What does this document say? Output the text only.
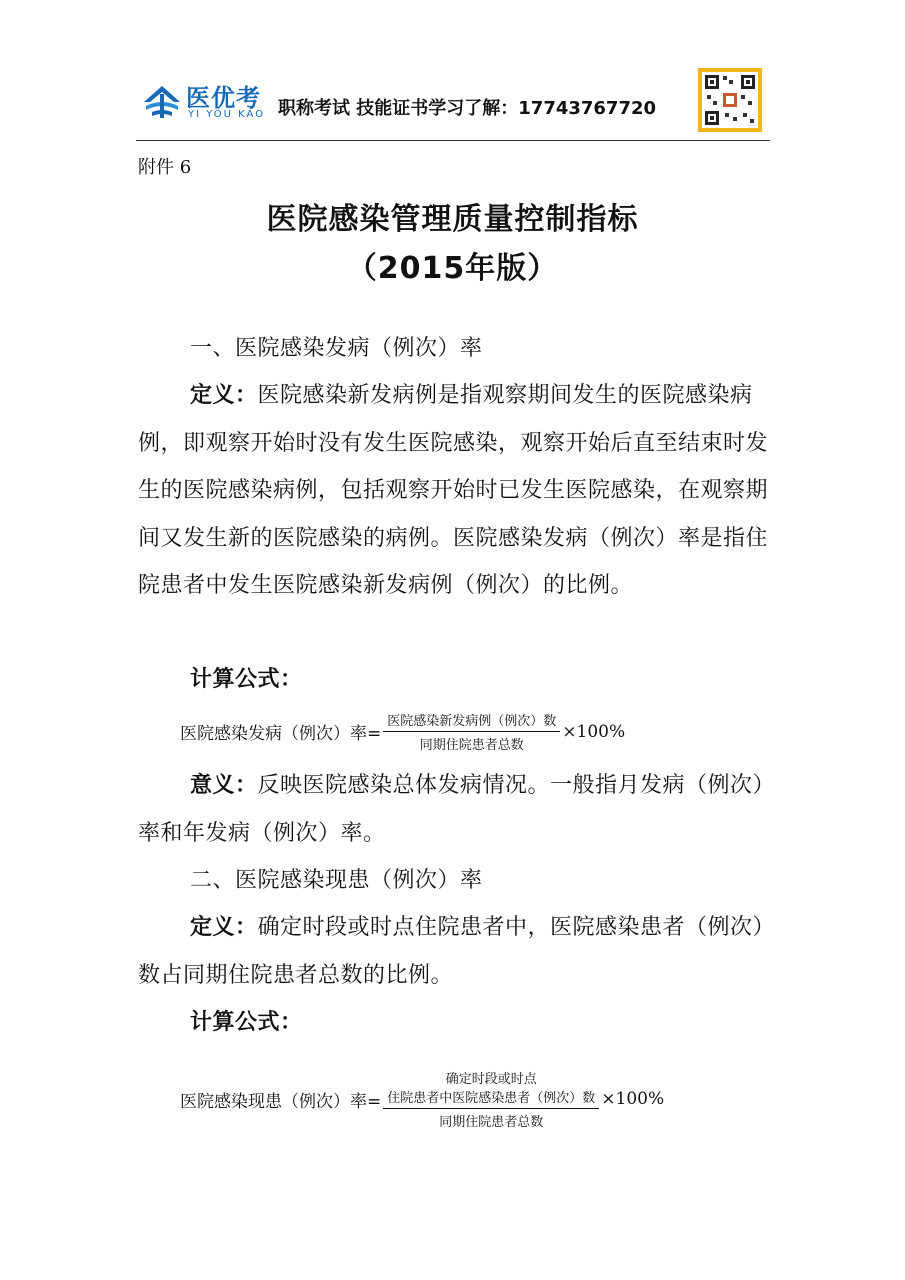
医优考
YI YOU KAO 职称考试 技能证书学习了解：17743767720
附件 6
医院感染管理质量控制指标
（2015年版）
一、医院感染发病（例次）率
定义：医院感染新发病例是指观察期间发生的医院感染病例，即观察开始时没有发生医院感染，观察开始后直至结束时发生的医院感染病例，包括观察开始时已发生医院感染，在观察期间又发生新的医院感染的病例。医院感染发病（例次）率是指住院患者中发生医院感染新发病例（例次）的比例。
计算公式：
医院感染发病（例次）率= $\frac{\text{医院感染新发病例（例次）数}}{\text{同期住院患者总数}} \times 100\%$
意义：反映医院感染总体发病情况。一般指月发病（例次）率和年发病（例次）率。
二、医院感染现患（例次）率
定义：确定时段或时点住院患者中，医院感染患者（例次）数占同期住院患者总数的比例。
计算公式：
医院感染现患（例次）率=
确定时段或时点
住院患者中医院感染患者（例次）数
同期住院患者总数
×100%
